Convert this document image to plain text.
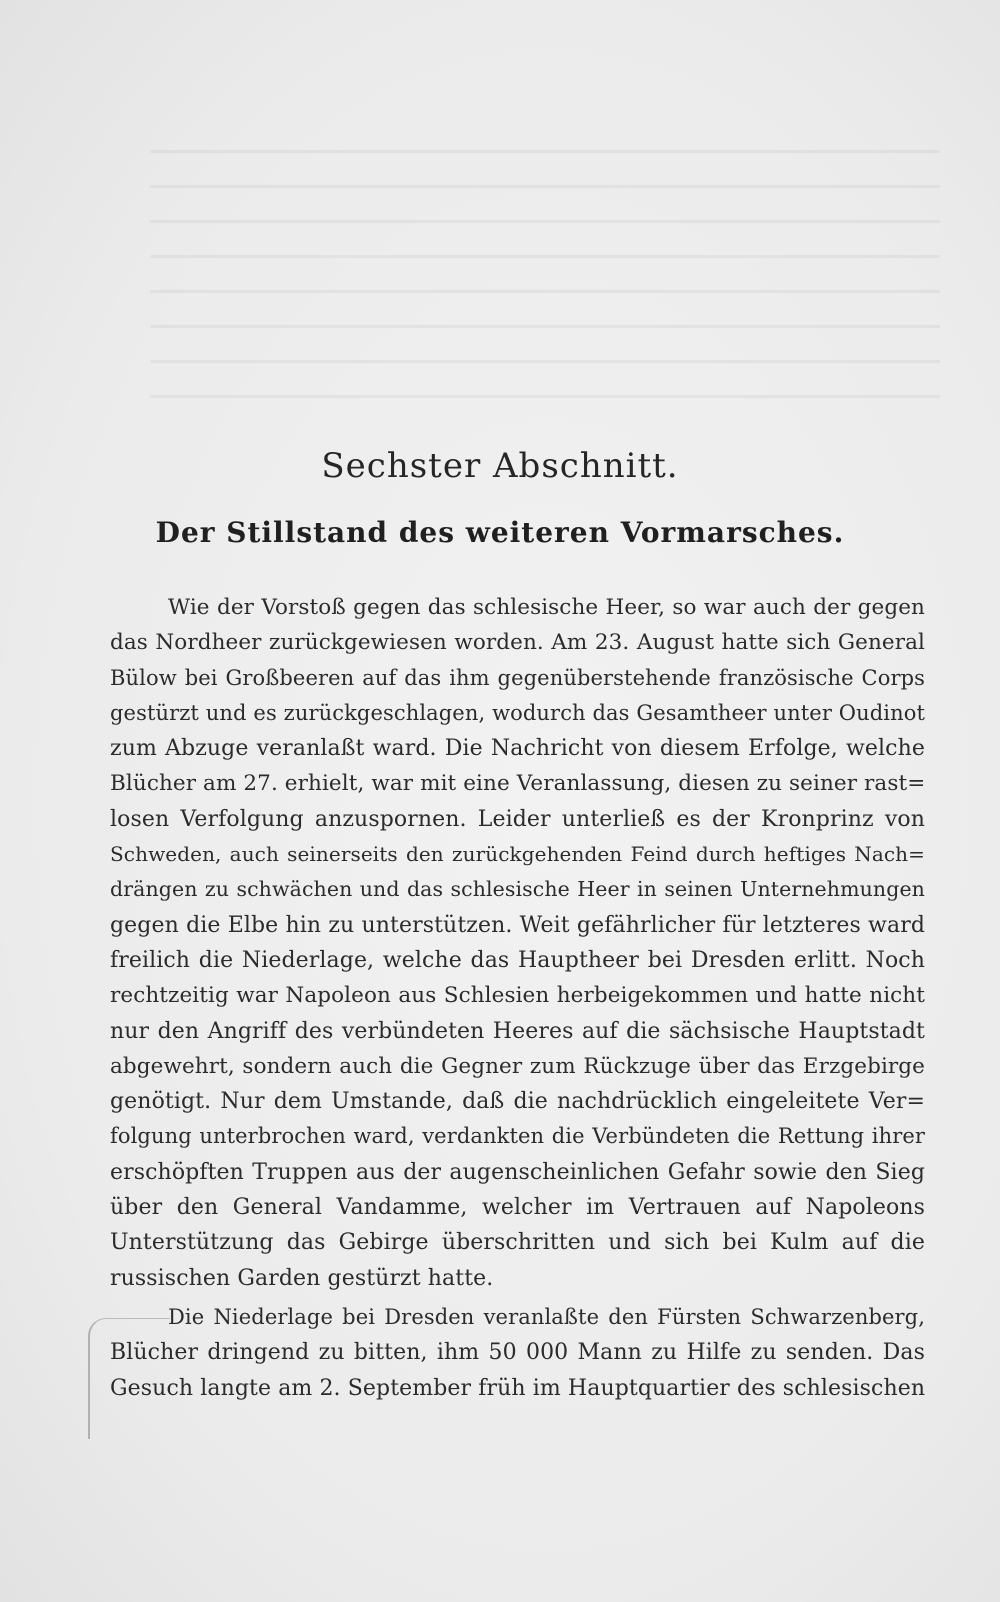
Sechster Abschnitt.
Der Stillstand des weiteren Vormarsches.
Wie der Vorstoß gegen das schlesische Heer, so war auch der gegen
das Nordheer zurückgewiesen worden. Am 23. August hatte sich General
Bülow bei Großbeeren auf das ihm gegenüberstehende französische Corps
gestürzt und es zurückgeschlagen, wodurch das Gesamtheer unter Oudinot
zum Abzuge veranlaßt ward. Die Nachricht von diesem Erfolge, welche
Blücher am 27. erhielt, war mit eine Veranlassung, diesen zu seiner rast=
losen Verfolgung anzuspornen. Leider unterließ es der Kronprinz von
Schweden, auch seinerseits den zurückgehenden Feind durch heftiges Nach=
drängen zu schwächen und das schlesische Heer in seinen Unternehmungen
gegen die Elbe hin zu unterstützen. Weit gefährlicher für letzteres ward
freilich die Niederlage, welche das Hauptheer bei Dresden erlitt. Noch
rechtzeitig war Napoleon aus Schlesien herbeigekommen und hatte nicht
nur den Angriff des verbündeten Heeres auf die sächsische Hauptstadt
abgewehrt, sondern auch die Gegner zum Rückzuge über das Erzgebirge
genötigt. Nur dem Umstande, daß die nachdrücklich eingeleitete Ver=
folgung unterbrochen ward, verdankten die Verbündeten die Rettung ihrer
erschöpften Truppen aus der augenscheinlichen Gefahr sowie den Sieg
über den General Vandamme, welcher im Vertrauen auf Napoleons
Unterstützung das Gebirge überschritten und sich bei Kulm auf die
russischen Garden gestürzt hatte.
Die Niederlage bei Dresden veranlaßte den Fürsten Schwarzenberg,
Blücher dringend zu bitten, ihm 50 000 Mann zu Hilfe zu senden. Das
Gesuch langte am 2. September früh im Hauptquartier des schlesischen
